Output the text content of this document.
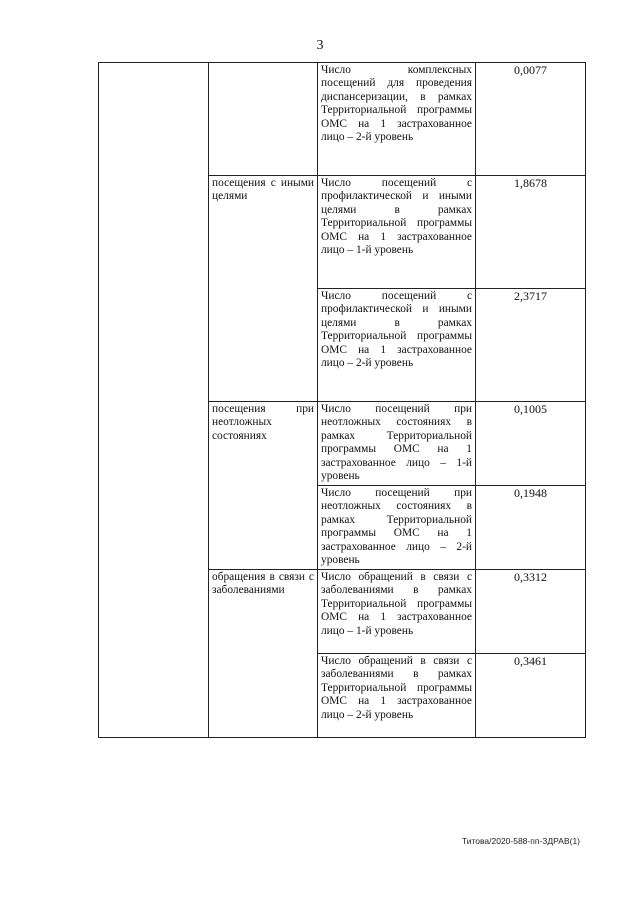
3
		Число комплексных посещений для проведения диспансеризации, в рамках Территориальной программы ОМС на 1 застрахованное лицо – 2-й уровень	0,0077
	посещения с иными целями	Число посещений с профилактической и иными целями в рамках Территориальной программы ОМС на 1 застрахованное лицо – 1-й уровень	1,8678
		Число посещений с профилактической и иными целями в рамках Территориальной программы ОМС на 1 застрахованное лицо – 2-й уровень	2,3717
	посещения при неотложных состояниях	Число посещений при неотложных состояниях в рамках Территориальной программы ОМС на 1 застрахованное лицо – 1-й уровень	0,1005
		Число посещений при неотложных состояниях в рамках Территориальной программы ОМС на 1 застрахованное лицо – 2-й уровень	0,1948
	обращения в связи с заболеваниями	Число обращений в связи с заболеваниями в рамках Территориальной программы ОМС на 1 застрахованное лицо – 1-й уровень	0,3312
		Число обращений в связи с заболеваниями в рамках Территориальной программы ОМС на 1 застрахованное лицо – 2-й уровень	0,3461
Титова/2020-588-пп-ЗДРАВ(1)
